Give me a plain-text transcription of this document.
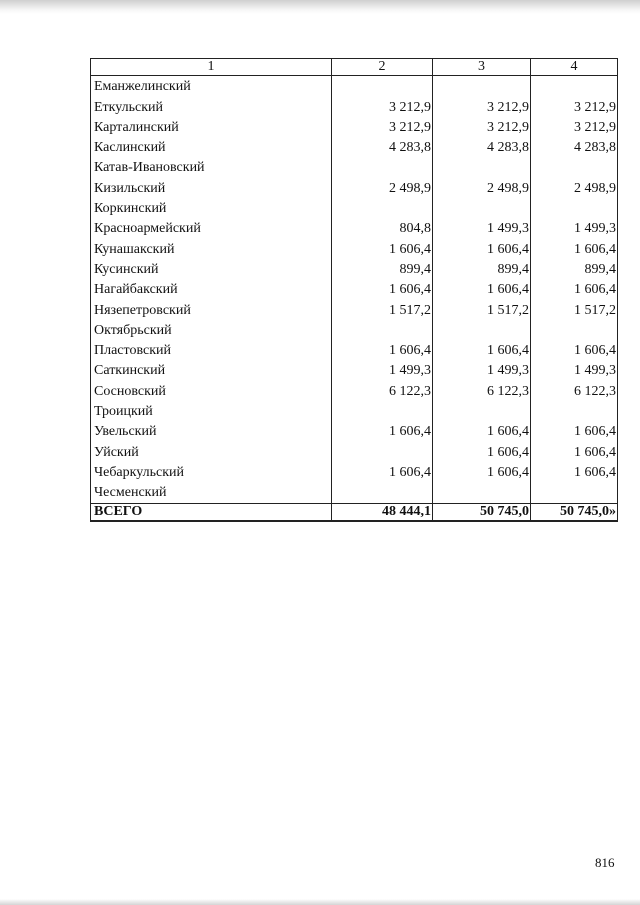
1	2	3	4
Еманжелинский			
Еткульский	3 212,9	3 212,9	3 212,9
Карталинский	3 212,9	3 212,9	3 212,9
Каслинский	4 283,8	4 283,8	4 283,8
Катав-Ивановский			
Кизильский	2 498,9	2 498,9	2 498,9
Коркинский			
Красноармейский	804,8	1 499,3	1 499,3
Кунашакский	1 606,4	1 606,4	1 606,4
Кусинский	899,4	899,4	899,4
Нагайбакский	1 606,4	1 606,4	1 606,4
Нязепетровский	1 517,2	1 517,2	1 517,2
Октябрьский			
Пластовский	1 606,4	1 606,4	1 606,4
Саткинский	1 499,3	1 499,3	1 499,3
Сосновский	6 122,3	6 122,3	6 122,3
Троицкий			
Увельский	1 606,4	1 606,4	1 606,4
Уйский		1 606,4	1 606,4
Чебаркульский	1 606,4	1 606,4	1 606,4
Чесменский			
ВСЕГО	48 444,1	50 745,0	50 745,0»
816
